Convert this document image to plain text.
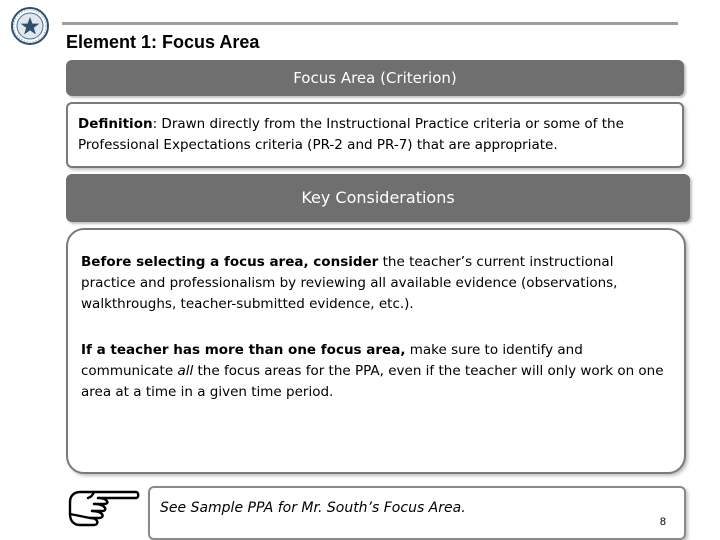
Element 1: Focus Area
Focus Area (Criterion)
Definition: Drawn directly from the Instructional Practice criteria or some of the Professional Expectations criteria (PR-2 and PR-7) that are appropriate.
Key Considerations
Before selecting a focus area, consider the teacher’s current instructional practice and professionalism by reviewing all available evidence (observations, walkthroughs, teacher-submitted evidence, etc.).
If a teacher has more than one focus area, make sure to identify and communicate all the focus areas for the PPA, even if the teacher will only work on one area at a time in a given time period.
See Sample PPA for Mr. South’s Focus Area.
8
